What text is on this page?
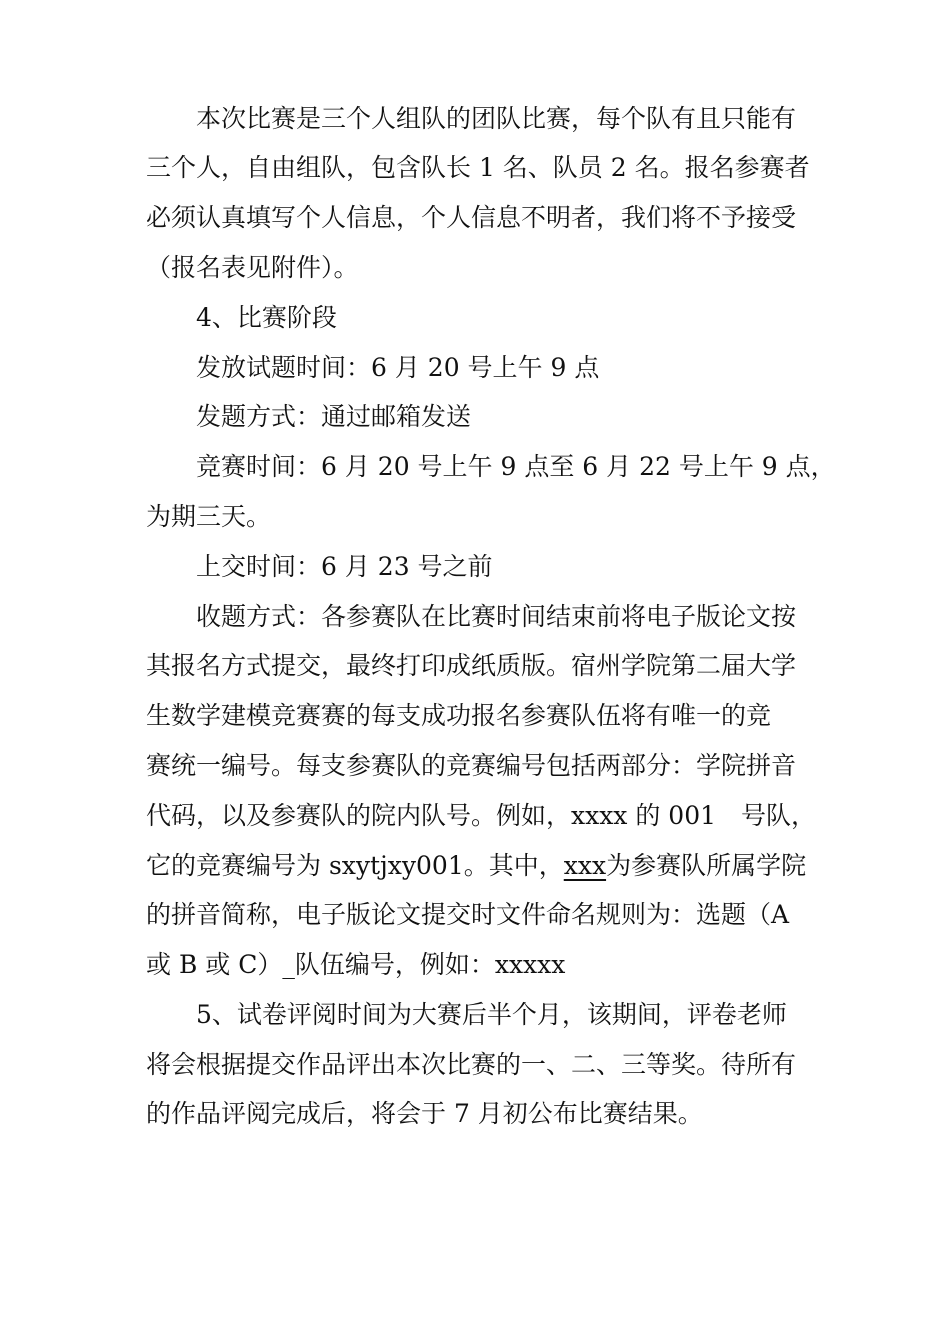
本次比赛是三个人组队的团队比赛，每个队有且只能有
三个人，自由组队，包含队长 1 名、队员 2 名。报名参赛者
必须认真填写个人信息，个人信息不明者，我们将不予接受
（报名表见附件）。
4、比赛阶段
发放试题时间：6 月 20 号上午 9 点
发题方式：通过邮箱发送
竞赛时间：6 月 20 号上午 9 点至 6 月 22 号上午 9 点，
为期三天。
上交时间：6 月 23 号之前
收题方式：各参赛队在比赛时间结束前将电子版论文按
其报名方式提交，最终打印成纸质版。宿州学院第二届大学
生数学建模竞赛赛的每支成功报名参赛队伍将有唯一的竞
赛统一编号。每支参赛队的竞赛编号包括两部分：学院拼音
代码，以及参赛队的院内队号。例如，xxxx 的 001　号队，
它的竞赛编号为 sxytjxy001。其中，xxx为参赛队所属学院
的拼音简称，电子版论文提交时文件命名规则为：选题（A
或 B 或 C）_队伍编号，例如：xxxxx
5、试卷评阅时间为大赛后半个月，该期间，评卷老师
将会根据提交作品评出本次比赛的一、二、三等奖。待所有
的作品评阅完成后，将会于 7 月初公布比赛结果。
